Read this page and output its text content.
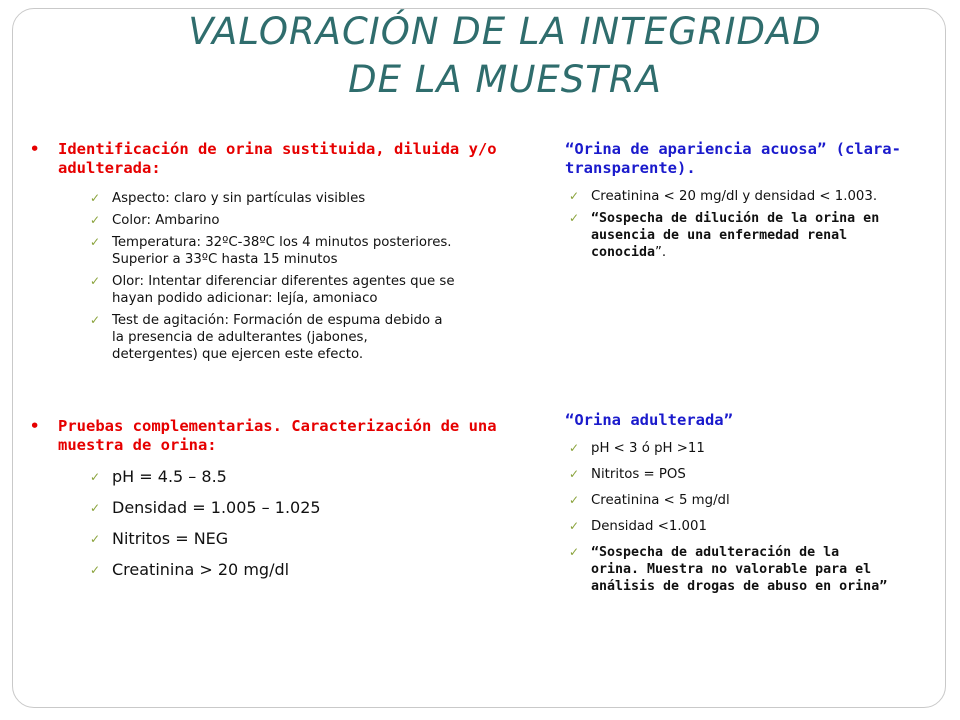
VALORACIÓN DE LA INTEGRIDAD
DE LA MUESTRA
• Identificación de orina sustituida, diluida y/o adulterada:
✓ Aspecto: claro y sin partículas visibles
✓ Color: Ambarino
✓ Temperatura: 32ºC-38ºC los 4 minutos posteriores. Superior a 33ºC hasta 15 minutos
✓ Olor: Intentar diferenciar diferentes agentes que se hayan podido adicionar: lejía, amoniaco
✓ Test de agitación: Formación de espuma debido a la presencia de adulterantes (jabones, detergentes) que ejercen este efecto.
• Pruebas complementarias. Caracterización de una muestra de orina:
✓ pH = 4.5 – 8.5
✓ Densidad = 1.005 – 1.025
✓ Nitritos = NEG
✓ Creatinina > 20 mg/dl
“Orina de apariencia acuosa” (clara-transparente).
✓ Creatinina < 20 mg/dl y densidad < 1.003.
✓ “Sospecha de dilución de la orina en ausencia de una enfermedad renal conocida”.
“Orina adulterada”
✓ pH < 3 ó pH >11
✓ Nitritos = POS
✓ Creatinina < 5 mg/dl
✓ Densidad <1.001
✓ “Sospecha de adulteración de la orina. Muestra no valorable para el análisis de drogas de abuso en orina”
